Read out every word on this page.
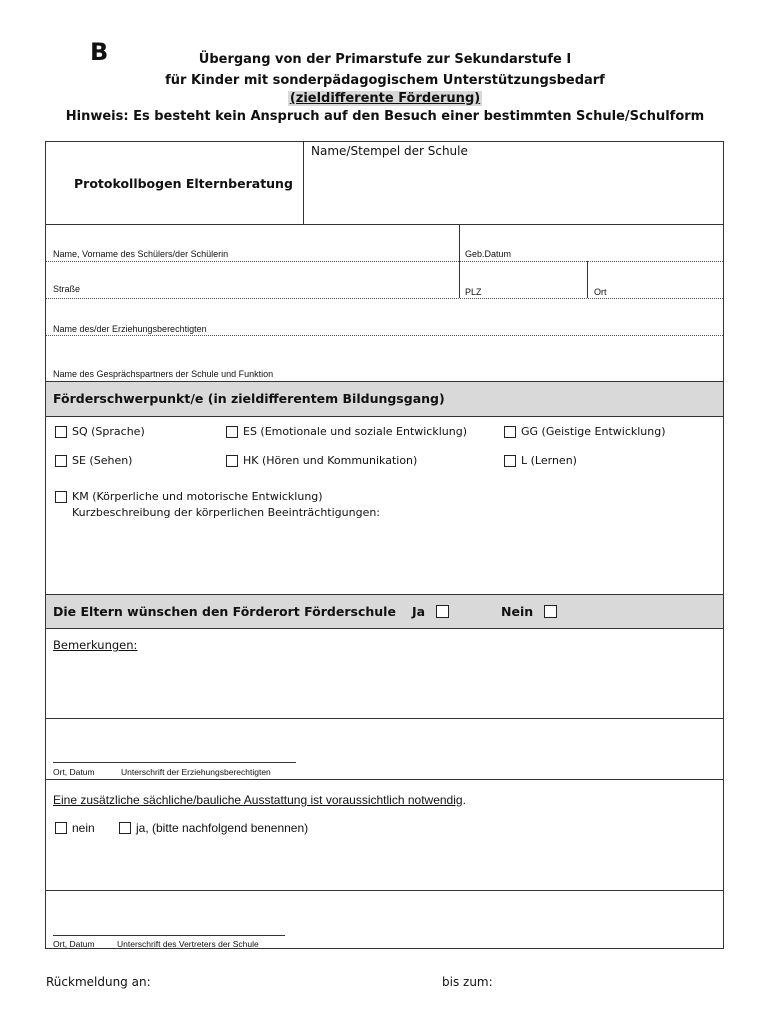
B	Übergang von der Primarstufe zur Sekundarstufe I
für Kinder mit sonderpädagogischem Unterstützungsbedarf
(zieldifferente Förderung)
Hinweis: Es besteht kein Anspruch auf den Besuch einer bestimmten Schule/Schulform
Protokollbogen Elternberatung
Name/Stempel der Schule
Name, Vorname des Schülers/der Schülerin	Geb.Datum
Straße	PLZ	Ort
Name des/der Erziehungsberechtigten
Name des Gesprächspartners der Schule und Funktion
Förderschwerpunkt/e (in zieldifferentem Bildungsgang)
SQ (Sprache)	ES (Emotionale und soziale Entwicklung)	GG (Geistige Entwicklung)
SE (Sehen)	HK (Hören und Kommunikation)	L (Lernen)
KM (Körperliche und motorische Entwicklung)
Kurzbeschreibung der körperlichen Beeinträchtigungen:
Die Eltern wünschen den Förderort Förderschule Ja	Nein
Bemerkungen:
Ort, Datum	Unterschrift der Erziehungsberechtigten
Eine zusätzliche sächliche/bauliche Ausstattung ist voraussichtlich notwendig.
nein	ja, (bitte nachfolgend benennen)
Ort, Datum	Unterschrift des Vertreters der Schule
Rückmeldung an:	bis zum:
